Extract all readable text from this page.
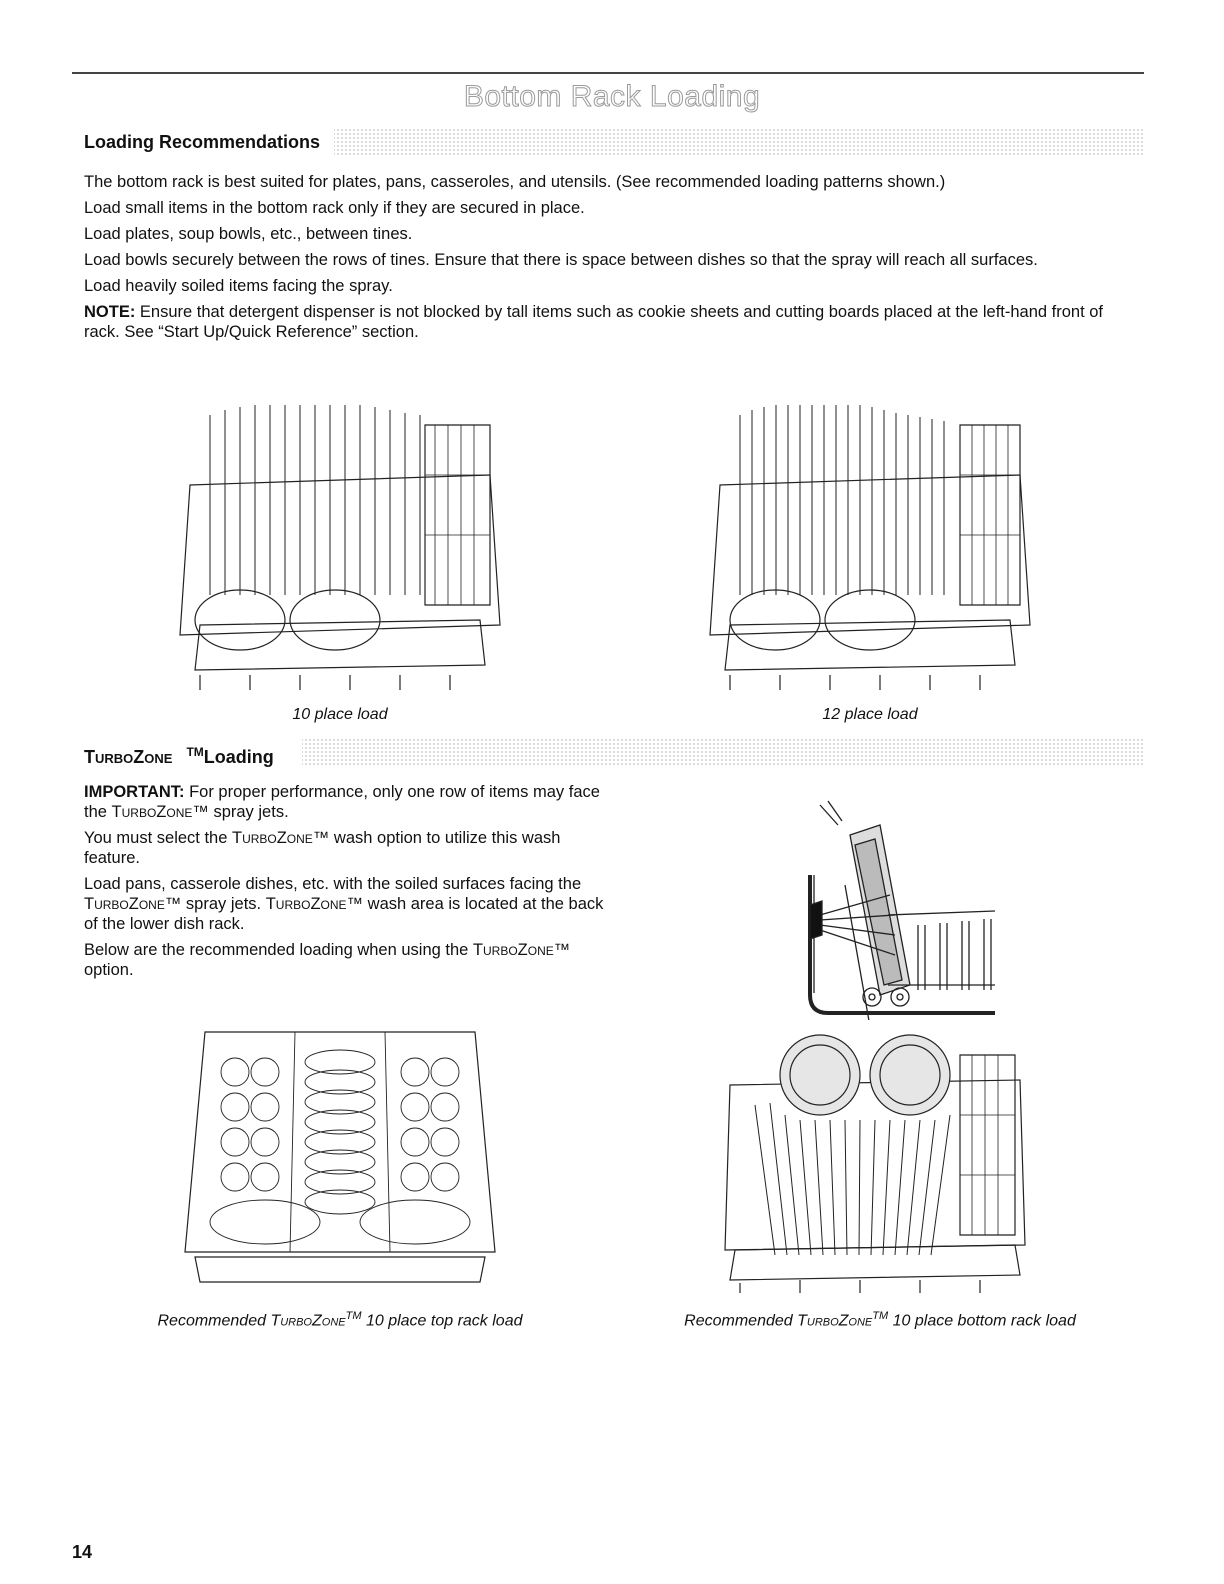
Bottom Rack Loading
Loading Recommendations

The bottom rack is best suited for plates, pans, casseroles, and utensils. (See recommended loading patterns shown.)

Load small items in the bottom rack only if they are secured in place.

Load plates, soup bowls, etc., between tines.

Load bowls securely between the rows of tines. Ensure that there is space between dishes so that the spray will reach all surfaces.

Load heavily soiled items facing the spray.

NOTE: Ensure that detergent dispenser is not blocked by tall items such as cookie sheets and cutting boards placed at the left-hand front of rack. See “Start Up/Quick Reference” section.

10 place load	12 place load
TurboZone ™Loading

IMPORTANT: For proper performance, only one row of items may face the TurboZone™ spray jets.

You must select the TurboZone™ wash option to utilize this wash feature.

Load pans, casserole dishes, etc. with the soiled surfaces facing the TurboZone™ spray jets. TurboZone™ wash area is located at the back of the lower dish rack.

Below are the recommended loading when using the TurboZone™ option.

Recommended TurboZone™ 10 place top rack load	Recommended TurboZone™ 10 place bottom rack load
14
